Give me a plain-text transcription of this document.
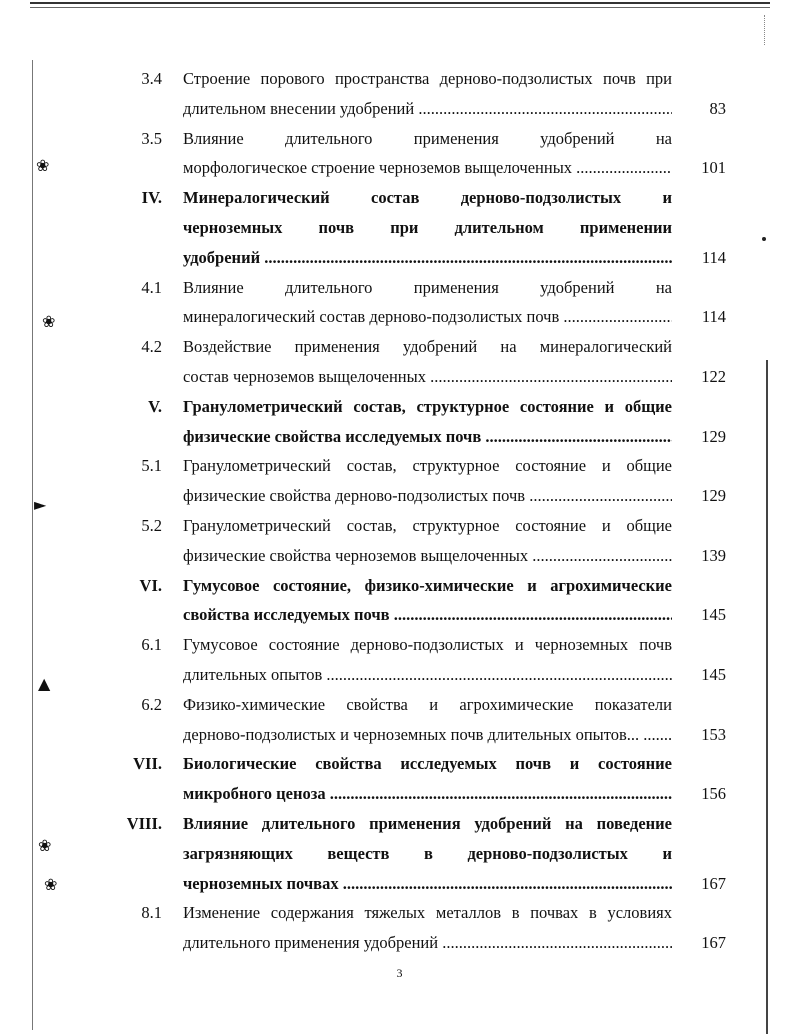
❀
❀
►
▲
❀
❀
3.4 Строение порового пространства дерново-подзолистых почв при
длительном внесении удобрений .....	83
3.5 Влияние длительного применения удобрений на
морфологическое строение черноземов выщелоченных .....	101
IV. Минералогический состав дерново-подзолистых и
черноземных почв при длительном применении
удобрений .....	114
4.1 Влияние длительного применения удобрений на
минералогический состав дерново-подзолистых почв .....	114
4.2 Воздействие применения удобрений на минералогический
состав черноземов выщелоченных .....	122
V. Гранулометрический состав, структурное состояние и общие
физические свойства исследуемых почв .....	129
5.1 Гранулометрический состав, структурное состояние и общие
физические свойства дерново-подзолистых почв .....	129
5.2 Гранулометрический состав, структурное состояние и общие
физические свойства черноземов выщелоченных .....	139
VI. Гумусовое состояние, физико-химические и агрохимические
свойства исследуемых почв .....	145
6.1 Гумусовое состояние дерново-подзолистых и черноземных почв
длительных опытов .....	145
6.2 Физико-химические свойства и агрохимические показатели
дерново-подзолистых и черноземных почв длительных опытов... .....	153
VII. Биологические свойства исследуемых почв и состояние
микробного ценоза .....	156
VIII. Влияние длительного применения удобрений на поведение
загрязняющих веществ в дерново-подзолистых и
черноземных почвах .....	167
8.1 Изменение содержания тяжелых металлов в почвах в условиях
длительного применения удобрений .....	167
3
